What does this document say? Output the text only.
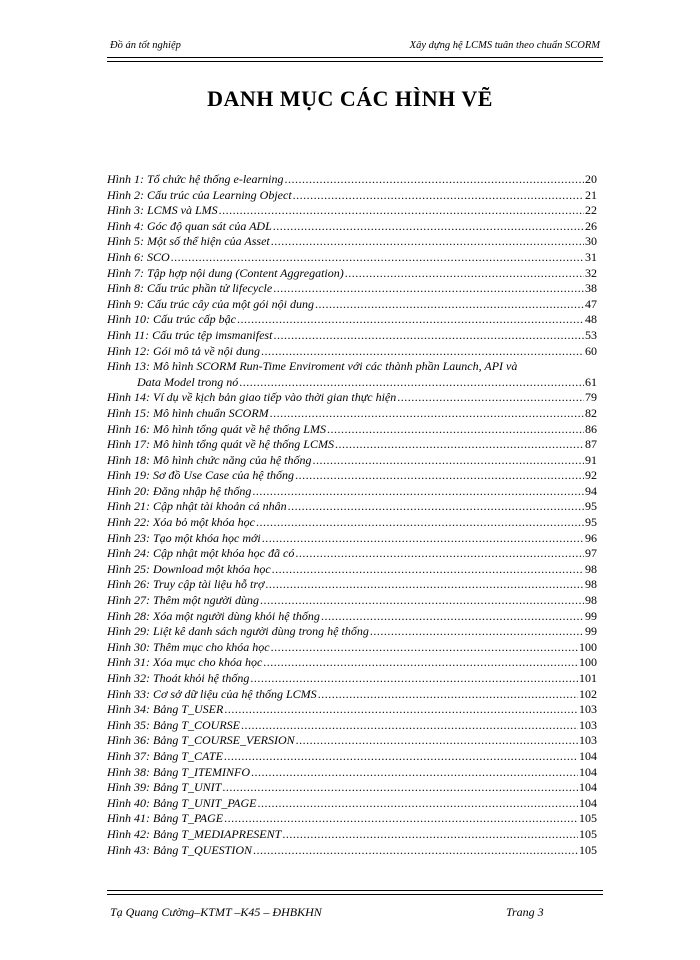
Đồ án tốt nghiệp	Xây dựng hệ LCMS tuân theo chuẩn SCORM
DANH MỤC CÁC HÌNH VẼ
Hình 1: Tổ chức hệ thống e-learning .....	20
Hình 2: Cấu trúc của Learning Object .....	21
Hình 3: LCMS và LMS .....	22
Hình 4: Góc độ quan sát của ADL .....	26
Hình 5: Một số thể hiện của Asset .....	30
Hình 6: SCO .....	31
Hình 7: Tập hợp nội dung (Content Aggregation) .....	32
Hình 8: Cấu trúc phần tử lifecycle .....	38
Hình 9: Cấu trúc cây của một gói nội dung .....	47
Hình 10: Cấu trúc cấp bậc .....	48
Hình 11: Cấu trúc tệp imsmanifest .....	53
Hình 12: Gói mô tả về nội dung .....	60
Hình 13: Mô hình SCORM Run-Time Enviroment với các thành phần Launch, API và
Data Model trong nó .....	61
Hình 14: Ví dụ về kịch bản giao tiếp vào thời gian thực hiện .....	79
Hình 15: Mô hình chuẩn SCORM .....	82
Hình 16: Mô hình tổng quát về hệ thống LMS .....	86
Hình 17: Mô hình tổng quát về hệ thống LCMS .....	87
Hình 18: Mô hình chức năng của hệ thống .....	91
Hình 19: Sơ đồ Use Case của hệ thống .....	92
Hình 20: Đăng nhập hệ thống .....	94
Hình 21: Cập nhật tài khoản cá nhân .....	95
Hình 22: Xóa bỏ một khóa học .....	95
Hình 23: Tạo một khóa học mới .....	96
Hình 24: Cập nhật một khóa học đã có .....	97
Hình 25: Download một khóa học .....	98
Hình 26: Truy cập tài liệu hỗ trợ .....	98
Hình 27: Thêm một người dùng .....	98
Hình 28: Xóa một người dùng khỏi hệ thống .....	99
Hình 29: Liệt kê danh sách người dùng trong hệ thống .....	99
Hình 30: Thêm mục cho khóa học .....	100
Hình 31: Xóa mục cho khóa học .....	100
Hình 32: Thoát khỏi hệ thống .....	101
Hình 33: Cơ sở dữ liệu của hệ thống LCMS .....	102
Hình 34: Bảng T_USER .....	103
Hình 35: Bảng T_COURSE .....	103
Hình 36: Bảng T_COURSE_VERSION .....	103
Hình 37: Bảng T_CATE .....	104
Hình 38: Bảng T_ITEMINFO .....	104
Hình 39: Bảng T_UNIT .....	104
Hình 40: Bảng T_UNIT_PAGE .....	104
Hình 41: Bảng T_PAGE .....	105
Hình 42: Bảng T_MEDIAPRESENT .....	105
Hình 43: Bảng T_QUESTION .....	105
Tạ Quang Cường–KTMT –K45 – ĐHBKHN	Trang 3
